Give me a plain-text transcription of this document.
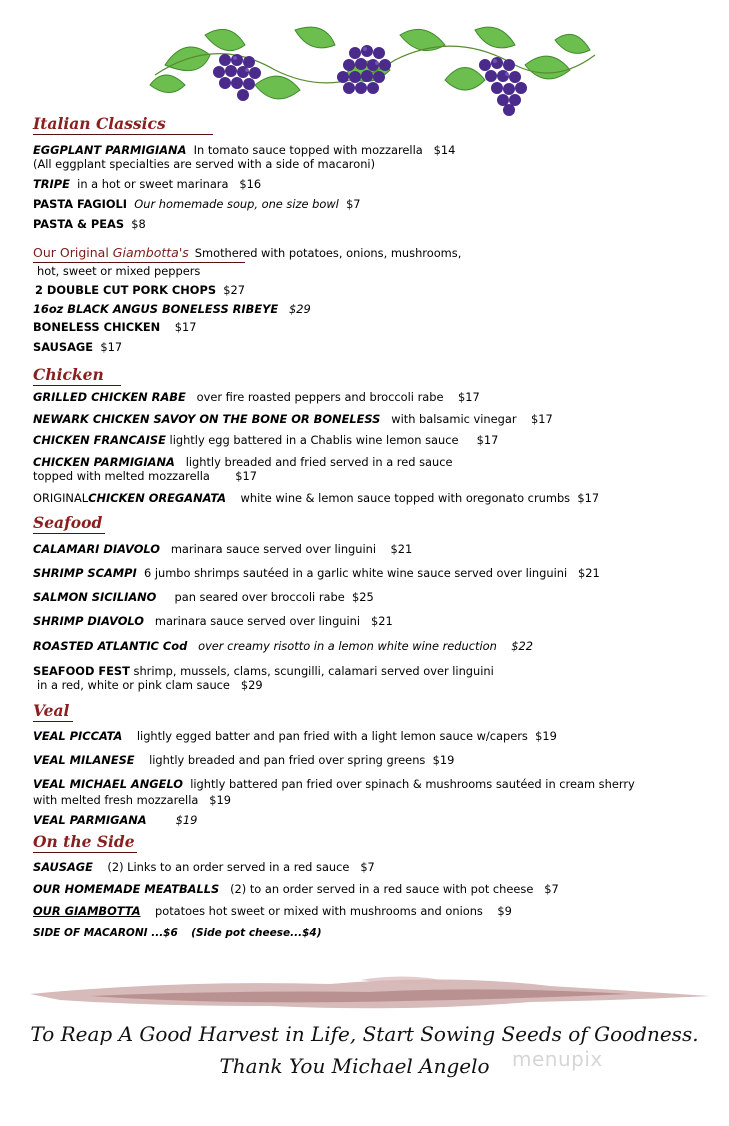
Italian Classics
EGGPLANT PARMIGIANA In tomato sauce topped with mozzarella $14
(All eggplant specialties are served with a side of macaroni)
TRIPE in a hot or sweet marinara $16
PASTA FAGIOLI Our homemade soup, one size bowl $7
PASTA & PEAS $8
Our Original Giambotta's Smothered with potatoes, onions, mushrooms,
hot, sweet or mixed peppers
2 DOUBLE CUT PORK CHOPS $27
16oz BLACK ANGUS BONELESS RIBEYE $29
BONELESS CHICKEN $17
SAUSAGE $17
Chicken
GRILLED CHICKEN RABE over fire roasted peppers and broccoli rabe $17
NEWARK CHICKEN SAVOY ON THE BONE OR BONELESS with balsamic vinegar $17
CHICKEN FRANCAISE lightly egg battered in a Chablis wine lemon sauce $17
CHICKEN PARMIGIANA lightly breaded and fried served in a red sauce
topped with melted mozzarella $17
ORIGINALCHICKEN OREGANATA white wine & lemon sauce topped with oregonato crumbs $17
Seafood
CALAMARI DIAVOLO marinara sauce served over linguini $21
SHRIMP SCAMPI 6 jumbo shrimps sautéed in a garlic white wine sauce served over linguini $21
SALMON SICILIANO pan seared over broccoli rabe $25
SHRIMP DIAVOLO marinara sauce served over linguini $21
ROASTED ATLANTIC Cod over creamy risotto in a lemon white wine reduction $22
SEAFOOD FEST shrimp, mussels, clams, scungilli, calamari served over linguini
in a red, white or pink clam sauce $29
Veal
VEAL PICCATA lightly egged batter and pan fried with a light lemon sauce w/capers $19
VEAL MILANESE lightly breaded and pan fried over spring greens $19
VEAL MICHAEL ANGELO lightly battered pan fried over spinach & mushrooms sautéed in cream sherry
with melted fresh mozzarella $19
VEAL PARMIGANA	$19
On the Side
SAUSAGE (2) Links to an order served in a red sauce $7
OUR HOMEMADE MEATBALLS (2) to an order served in a red sauce with pot cheese $7
OUR GIAMBOTTA potatoes hot sweet or mixed with mushrooms and onions $9
SIDE OF MACARONI ...$6 (Side pot cheese...$4)
To Reap A Good Harvest in Life, Start Sowing Seeds of Goodness.
Thank You Michael Angelo	menupix
